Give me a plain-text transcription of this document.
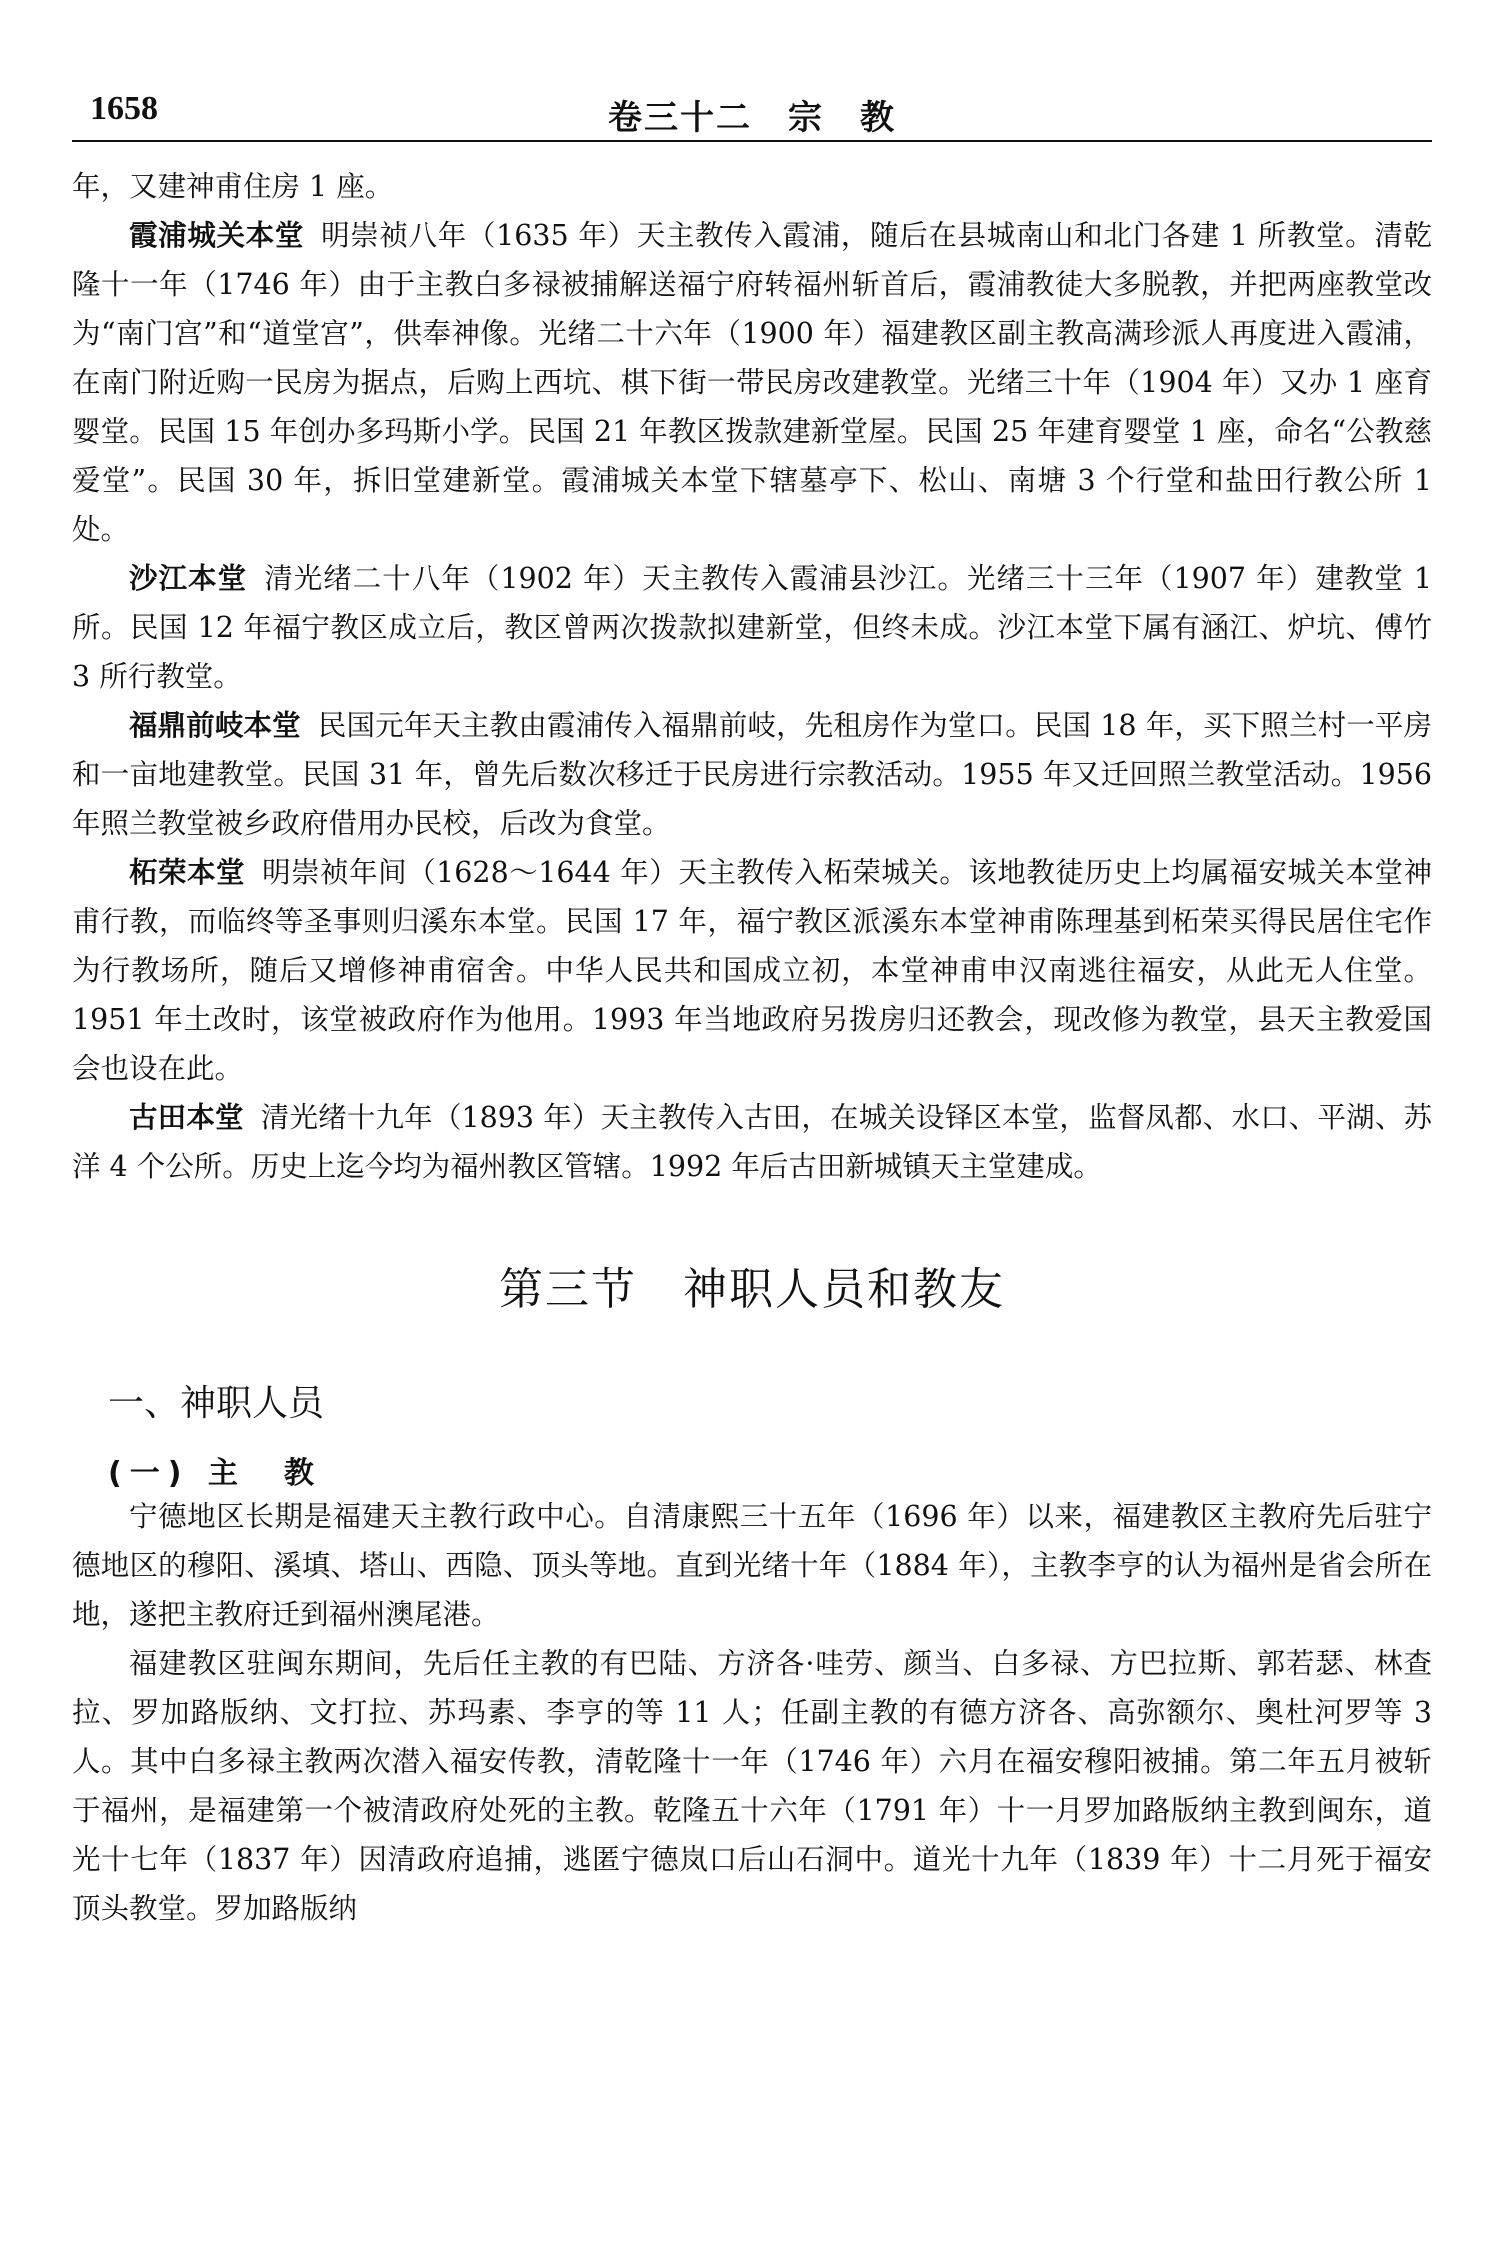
1658	卷三十二　宗　教

年，又建神甫住房 1 座。

霞浦城关本堂 明崇祯八年（1635 年）天主教传入霞浦，随后在县城南山和北门各建 1 所教堂。清乾隆十一年（1746 年）由于主教白多禄被捕解送福宁府转福州斩首后，霞浦教徒大多脱教，并把两座教堂改为“南门宫”和“道堂宫”，供奉神像。光绪二十六年（1900 年）福建教区副主教高满珍派人再度进入霞浦，在南门附近购一民房为据点，后购上西坑、棋下街一带民房改建教堂。光绪三十年（1904 年）又办 1 座育婴堂。民国 15 年创办多玛斯小学。民国 21 年教区拨款建新堂屋。民国 25 年建育婴堂 1 座，命名“公教慈爱堂”。民国 30 年，拆旧堂建新堂。霞浦城关本堂下辖墓亭下、松山、南塘 3 个行堂和盐田行教公所 1 处。

沙江本堂 清光绪二十八年（1902 年）天主教传入霞浦县沙江。光绪三十三年（1907 年）建教堂 1 所。民国 12 年福宁教区成立后，教区曾两次拨款拟建新堂，但终未成。沙江本堂下属有涵江、炉坑、傅竹 3 所行教堂。

福鼎前岐本堂 民国元年天主教由霞浦传入福鼎前岐，先租房作为堂口。民国 18 年，买下照兰村一平房和一亩地建教堂。民国 31 年，曾先后数次移迁于民房进行宗教活动。1955 年又迁回照兰教堂活动。1956 年照兰教堂被乡政府借用办民校，后改为食堂。

柘荣本堂 明崇祯年间（1628～1644 年）天主教传入柘荣城关。该地教徒历史上均属福安城关本堂神甫行教，而临终等圣事则归溪东本堂。民国 17 年，福宁教区派溪东本堂神甫陈理基到柘荣买得民居住宅作为行教场所，随后又增修神甫宿舍。中华人民共和国成立初，本堂神甫申汉南逃往福安，从此无人住堂。1951 年土改时，该堂被政府作为他用。1993 年当地政府另拨房归还教会，现改修为教堂，县天主教爱国会也设在此。

古田本堂 清光绪十九年（1893 年）天主教传入古田，在城关设铎区本堂，监督凤都、水口、平湖、苏洋 4 个公所。历史上迄今均为福州教区管辖。1992 年后古田新城镇天主堂建成。

第三节　神职人员和教友
一、神职人员
(一) 主　教

宁德地区长期是福建天主教行政中心。自清康熙三十五年（1696 年）以来，福建教区主教府先后驻宁德地区的穆阳、溪填、塔山、西隐、顶头等地。直到光绪十年（1884 年），主教李亨的认为福州是省会所在地，遂把主教府迁到福州澳尾港。

福建教区驻闽东期间，先后任主教的有巴陆、方济各·哇劳、颜当、白多禄、方巴拉斯、郭若瑟、林查拉、罗加路版纳、文打拉、苏玛素、李亨的等 11 人；任副主教的有德方济各、高弥额尔、奥杜河罗等 3 人。其中白多禄主教两次潜入福安传教，清乾隆十一年（1746 年）六月在福安穆阳被捕。第二年五月被斩于福州，是福建第一个被清政府处死的主教。乾隆五十六年（1791 年）十一月罗加路版纳主教到闽东，道光十七年（1837 年）因清政府追捕，逃匿宁德岚口后山石洞中。道光十九年（1839 年）十二月死于福安顶头教堂。罗加路版纳
